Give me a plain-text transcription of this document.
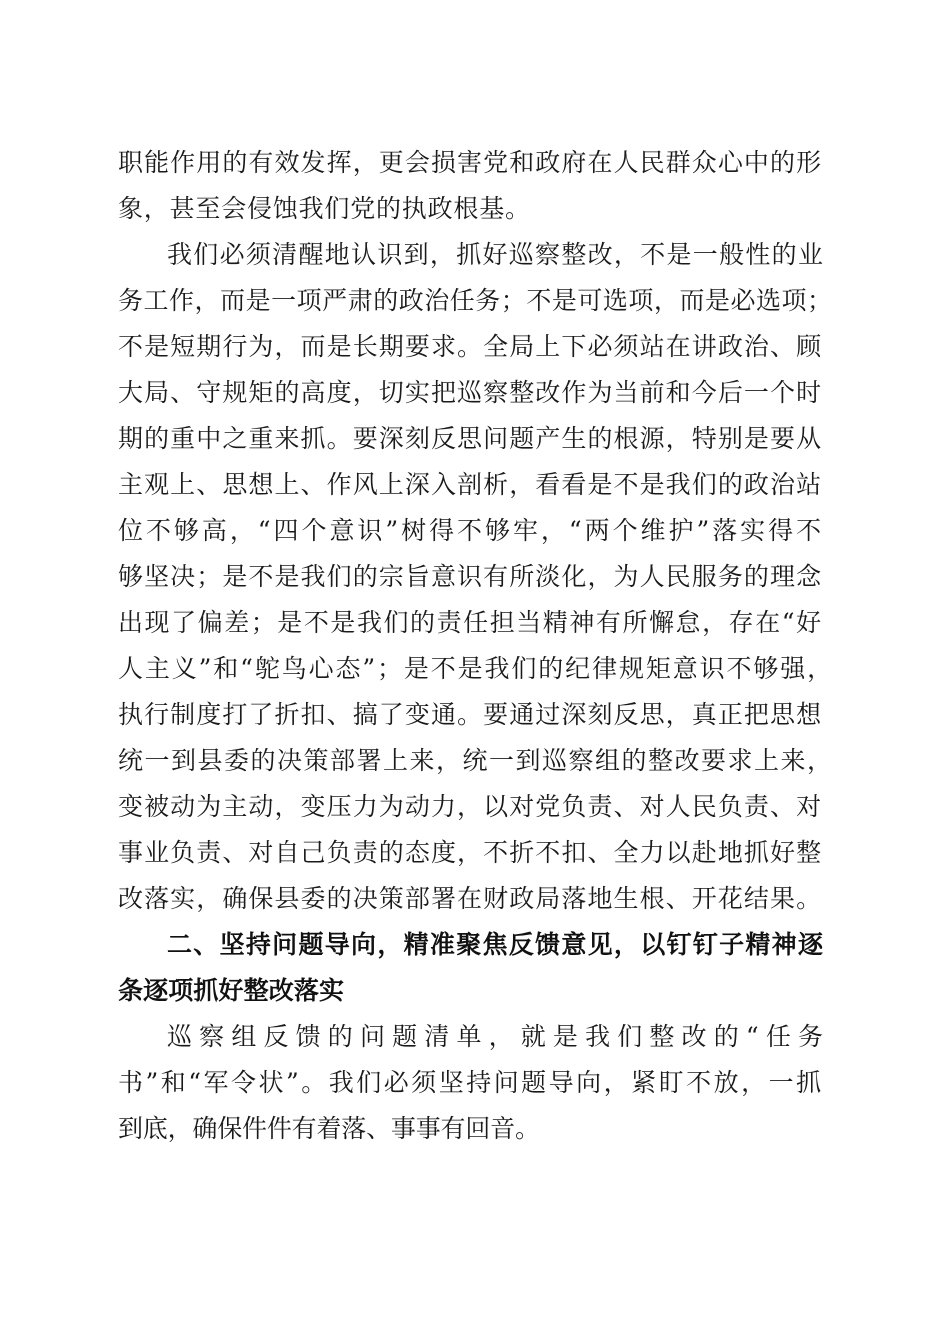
职能作用的有效发挥，更会损害党和政府在人民群众心中的形

象，甚至会侵蚀我们党的执政根基。

我们必须清醒地认识到，抓好巡察整改，不是一般性的业

务工作，而是一项严肃的政治任务；不是可选项，而是必选项；

不是短期行为，而是长期要求。全局上下必须站在讲政治、顾

大局、守规矩的高度，切实把巡察整改作为当前和今后一个时

期的重中之重来抓。要深刻反思问题产生的根源，特别是要从

主观上、思想上、作风上深入剖析，看看是不是我们的政治站

位不够高，“四个意识”树得不够牢，“两个维护”落实得不

够坚决；是不是我们的宗旨意识有所淡化，为人民服务的理念

出现了偏差；是不是我们的责任担当精神有所懈怠，存在“好

人主义”和“鸵鸟心态”；是不是我们的纪律规矩意识不够强，

执行制度打了折扣、搞了变通。要通过深刻反思，真正把思想

统一到县委的决策部署上来，统一到巡察组的整改要求上来，

变被动为主动，变压力为动力，以对党负责、对人民负责、对

事业负责、对自己负责的态度，不折不扣、全力以赴地抓好整

改落实，确保县委的决策部署在财政局落地生根、开花结果。

二、坚持问题导向，精准聚焦反馈意见，以钉钉子精神逐

条逐项抓好整改落实

巡察组反馈的问题清单，就是我们整改的“任务

书”和“军令状”。我们必须坚持问题导向，紧盯不放，一抓

到底，确保件件有着落、事事有回音。
